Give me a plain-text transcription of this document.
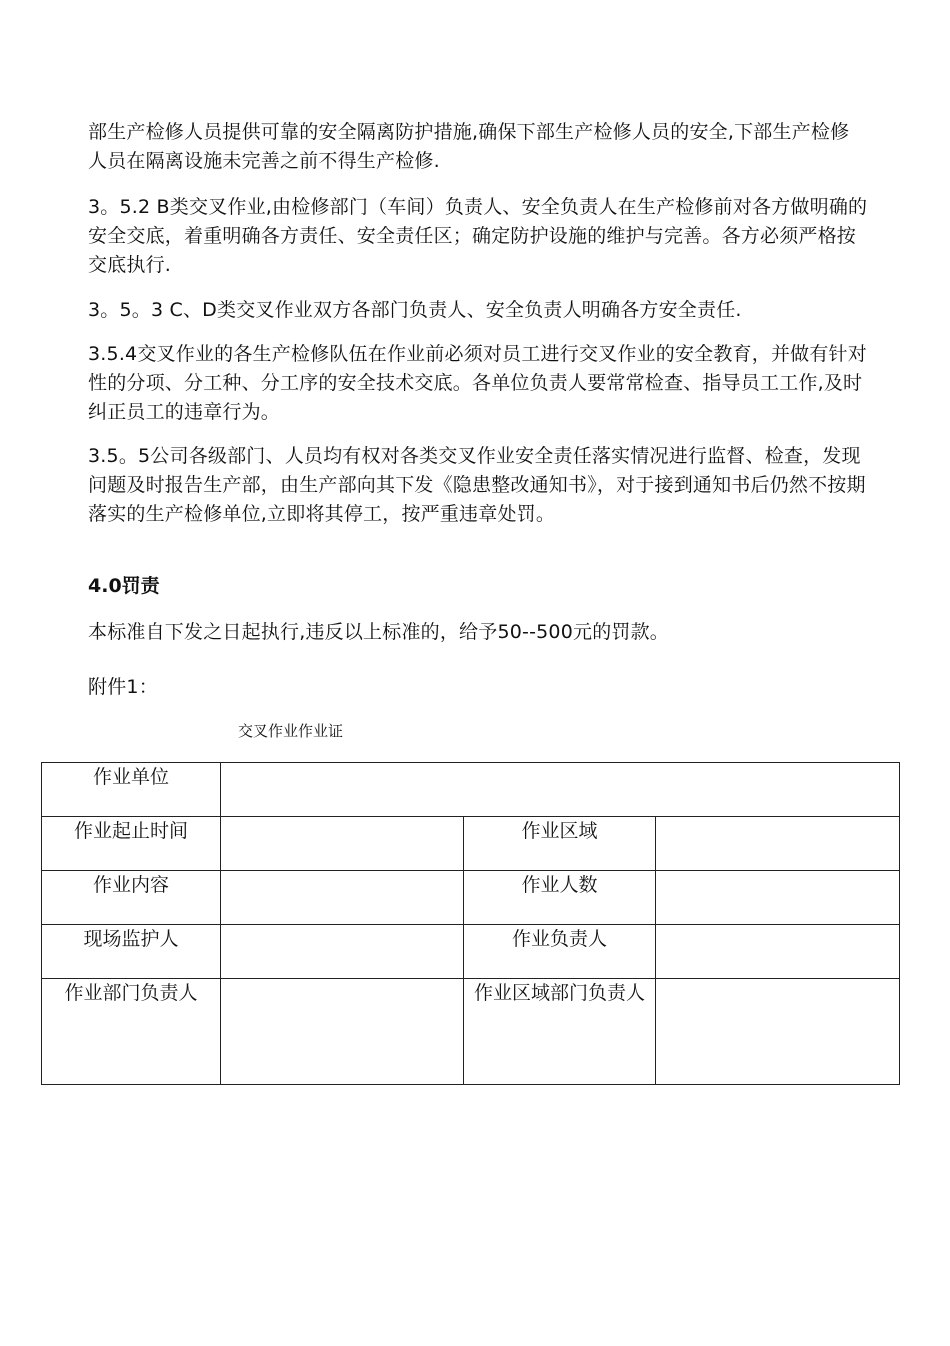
部生产检修人员提供可靠的安全隔离防护措施,确保下部生产检修人员的安全,下部生产检修人员在隔离设施未完善之前不得生产检修.

3。5.2 B类交叉作业,由检修部门（车间）负责人、安全负责人在生产检修前对各方做明确的安全交底，着重明确各方责任、安全责任区；确定防护设施的维护与完善。各方必须严格按交底执行.

3。5。3 C、D类交叉作业双方各部门负责人、安全负责人明确各方安全责任.

3.5.4交叉作业的各生产检修队伍在作业前必须对员工进行交叉作业的安全教育，并做有针对性的分项、分工种、分工序的安全技术交底。各单位负责人要常常检查、指导员工工作,及时纠正员工的违章行为。

3.5。5公司各级部门、人员均有权对各类交叉作业安全责任落实情况进行监督、检查，发现问题及时报告生产部，由生产部向其下发《隐患整改通知书》，对于接到通知书后仍然不按期落实的生产检修单位,立即将其停工，按严重违章处罚。

4.0罚责

本标准自下发之日起执行,违反以上标准的，给予50--500元的罚款。

附件1：

交叉作业作业证
作业单位			
作业起止时间		作业区域	
作业内容		作业人数	
现场监护人		作业负责人	
作业部门负责人		作业区域部门负责人	
